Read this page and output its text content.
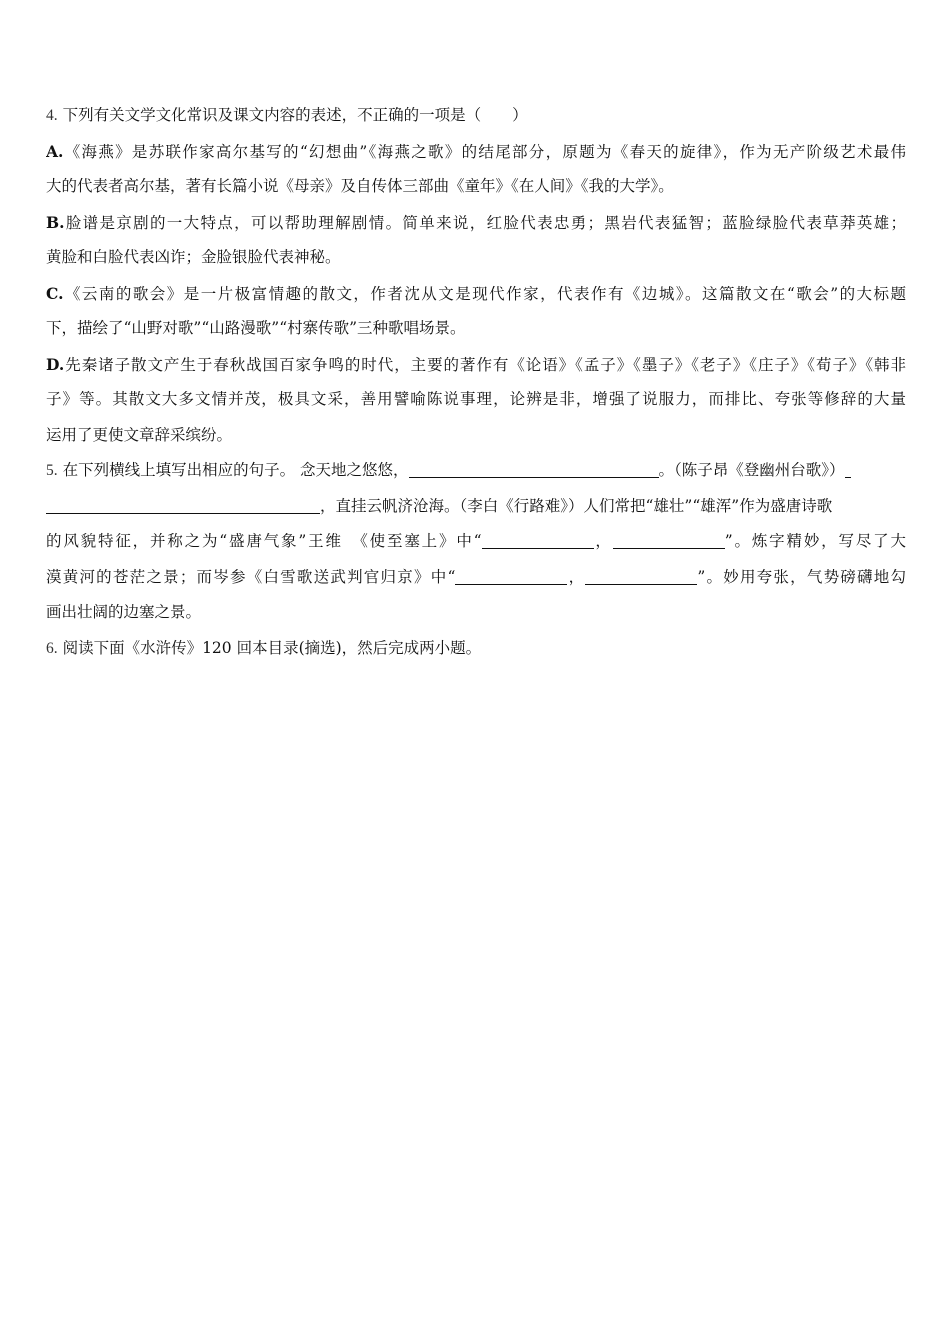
4. 下列有关文学文化常识及课文内容的表述，不正确的一项是（　　）
A.《海燕》是苏联作家高尔基写的“幻想曲”《海燕之歌》的结尾部分，原题为《春天的旋律》，作为无产阶级艺术最伟
大的代表者高尔基，著有长篇小说《母亲》及自传体三部曲《童年》《在人间》《我的大学》。
B.脸谱是京剧的一大特点，可以帮助理解剧情。简单来说，红脸代表忠勇；黑岩代表猛智；蓝脸绿脸代表草莽英雄；
黄脸和白脸代表凶诈；金脸银脸代表神秘。
C.《云南的歌会》是一片极富情趣的散文，作者沈从文是现代作家，代表作有《边城》。这篇散文在“歌会”的大标题
下，描绘了“山野对歌”“山路漫歌”“村寨传歌”三种歌唱场景。
D.先秦诸子散文产生于春秋战国百家争鸣的时代，主要的著作有《论语》《孟子》《墨子》《老子》《庄子》《荀子》《韩非
子》等。其散文大多文情并茂，极具文采，善用譬喻陈说事理，论辨是非，增强了说服力，而排比、夸张等修辞的大量
运用了更使文章辞采缤纷。
5. 在下列横线上填写出相应的句子。 念天地之悠悠，	。（陈子昂《登幽州台歌》）
，直挂云帆济沧海。（李白《行路难》）人们常把“雄壮”“雄浑”作为盛唐诗歌
的风貌特征，并称之为“盛唐气象”王维　《使至塞上》中“	，	”。炼字精妙，写尽了大
漠黄河的苍茫之景；而岑参《白雪歌送武判官归京》中“	，	”。妙用夸张，气势磅礴地勾
画出壮阔的边塞之景。
6. 阅读下面《水浒传》120 回本目录(摘选)，然后完成两小题。
